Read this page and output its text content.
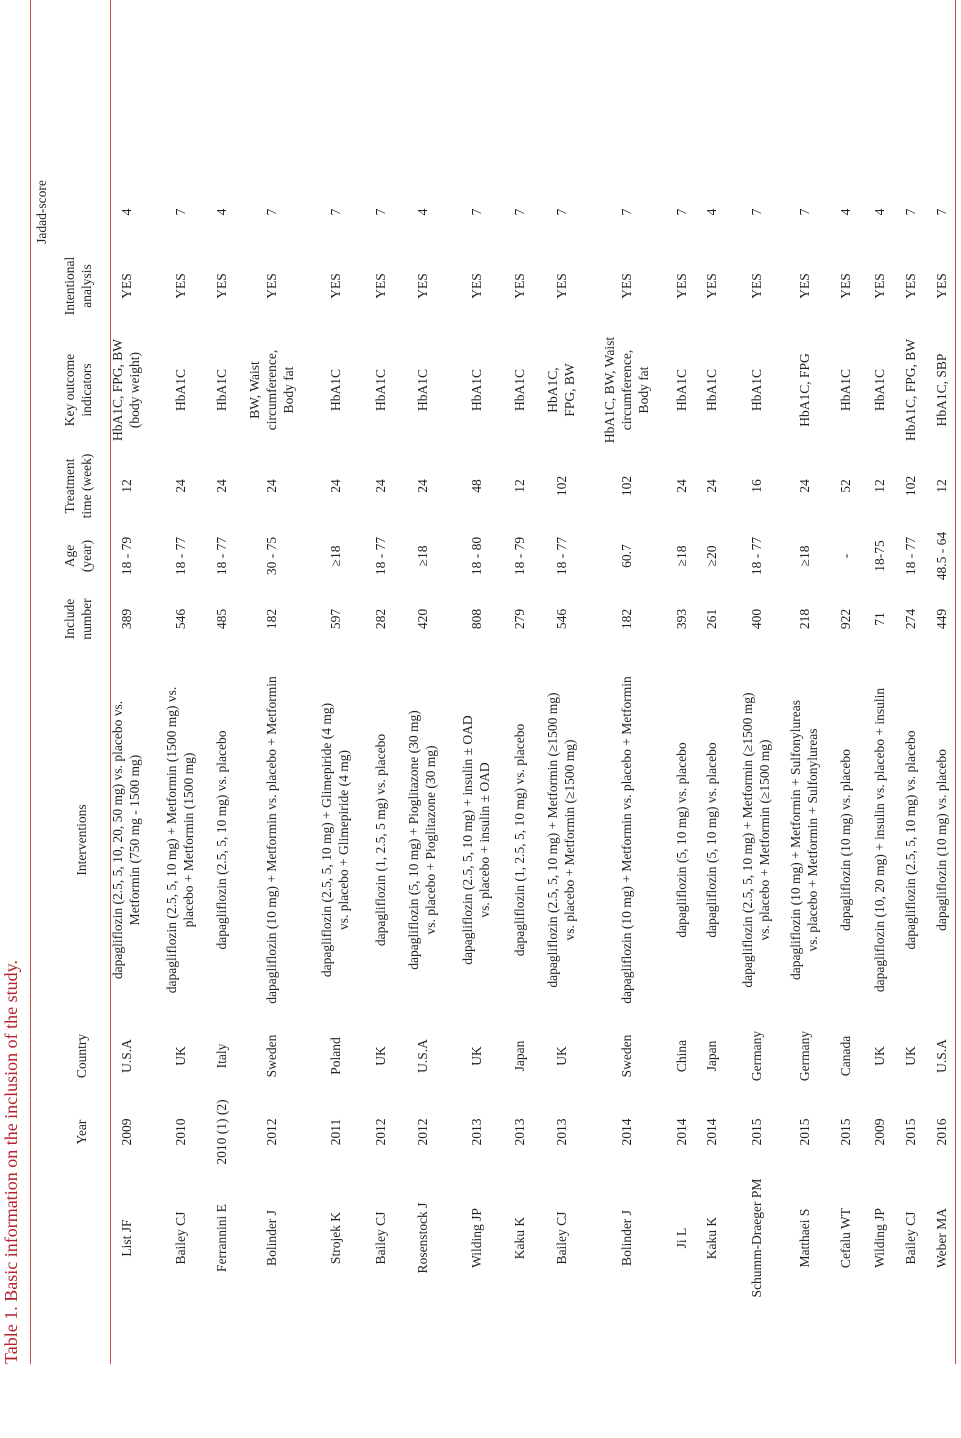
Table 1. Basic information on the inclusion of the study.	Year
Country
Interventions
Include number
Age (year)
Treatment time (week)
Key outcome indicators
Intentional analysis
Jadad-score
List JF
2009
U.S.A
dapagliflozin (2.5, 5, 10, 20, 50 mg) vs. placebo vs. Metformin (750 mg - 1500 mg)
389
18 - 79
12
HbA1C, FPG, BW (body weight)
YES
4
Bailey CJ
2010
UK
dapagliflozin (2.5, 5, 10 mg) + Metformin (1500 mg) vs. placebo + Metformin (1500 mg)
546
18 - 77
24
HbA1C
YES
7
Ferrannini E
2010 (1) (2)
Italy
dapagliflozin (2.5, 5, 10 mg) vs. placebo
485
18 - 77
24
HbA1C
YES
4
Bolinder J
2012
Sweden
dapagliflozin (10 mg) + Metformin vs. placebo + Metformin
182
30 - 75
24
BW, Waist circumference, Body fat
YES
7
Strojek K
2011
Poland
dapagliflozin (2.5, 5, 10 mg) + Glimepiride (4 mg) vs. placebo + Glimepiride (4 mg)
597
≥18
24
HbA1C
YES
7
Bailey CJ
2012
UK
dapagliflozin (1, 2.5, 5 mg) vs. placebo
282
18 - 77
24
HbA1C
YES
7
Rosenstock J
2012
U.S.A
dapagliflozin (5, 10 mg) + Pioglitazone (30 mg) vs. placebo + Pioglitazone (30 mg)
420
≥18
24
HbA1C
YES
4
Wilding JP
2013
UK
dapagliflozin (2.5, 5, 10 mg) + insulin ± OAD vs. placebo + insulin ± OAD
808
18 - 80
48
HbA1C
YES
7
Kaku K
2013
Japan
dapagliflozin (1, 2.5, 5, 10 mg) vs. placebo
279
18 - 79
12
HbA1C
YES
7
Bailey CJ
2013
UK
dapagliflozin (2.5, 5, 10 mg) + Metformin (≥1500 mg) vs. placebo + Metformin (≥1500 mg)
546
18 - 77
102
HbA1C, FPG, BW
YES
7
Bolinder J
2014
Sweden
dapagliflozin (10 mg) + Metformin vs. placebo + Metformin
182
60.7
102
HbA1C, BW, Waist circumference, Body fat
YES
7
Ji L
2014
China
dapagliflozin (5, 10 mg) vs. placebo
393
≥18
24
HbA1C
YES
7
Kaku K
2014
Japan
dapagliflozin (5, 10 mg) vs. placebo
261
≥20
24
HbA1C
YES
4
Schumm-Draeger PM
2015
Germany
dapagliflozin (2.5, 5, 10 mg) + Metformin (≥1500 mg) vs. placebo + Metformin (≥1500 mg)
400
18 - 77
16
HbA1C
YES
7
Matthaei S
2015
Germany
dapagliflozin (10 mg) + Metformin + Sulfonylureas vs. placebo + Metformin + Sulfonylureas
218
≥18
24
HbA1C, FPG
YES
7
Cefalu WT
2015
Canada
dapagliflozin (10 mg) vs. placebo
922
-
52
HbA1C
YES
4
Wilding JP
2009
UK
dapagliflozin (10, 20 mg) + insulin vs. placebo + insulin
71
18-75
12
HbA1C
YES
4
Bailey CJ
2015
UK
dapagliflozin (2.5, 5, 10 mg) vs. placebo
274
18 - 77
102
HbA1C, FPG, BW
YES
7
Weber MA
2016
U.S.A
dapagliflozin (10 mg) vs. placebo
449
48.5 - 64
12
HbA1C, SBP
YES
7
